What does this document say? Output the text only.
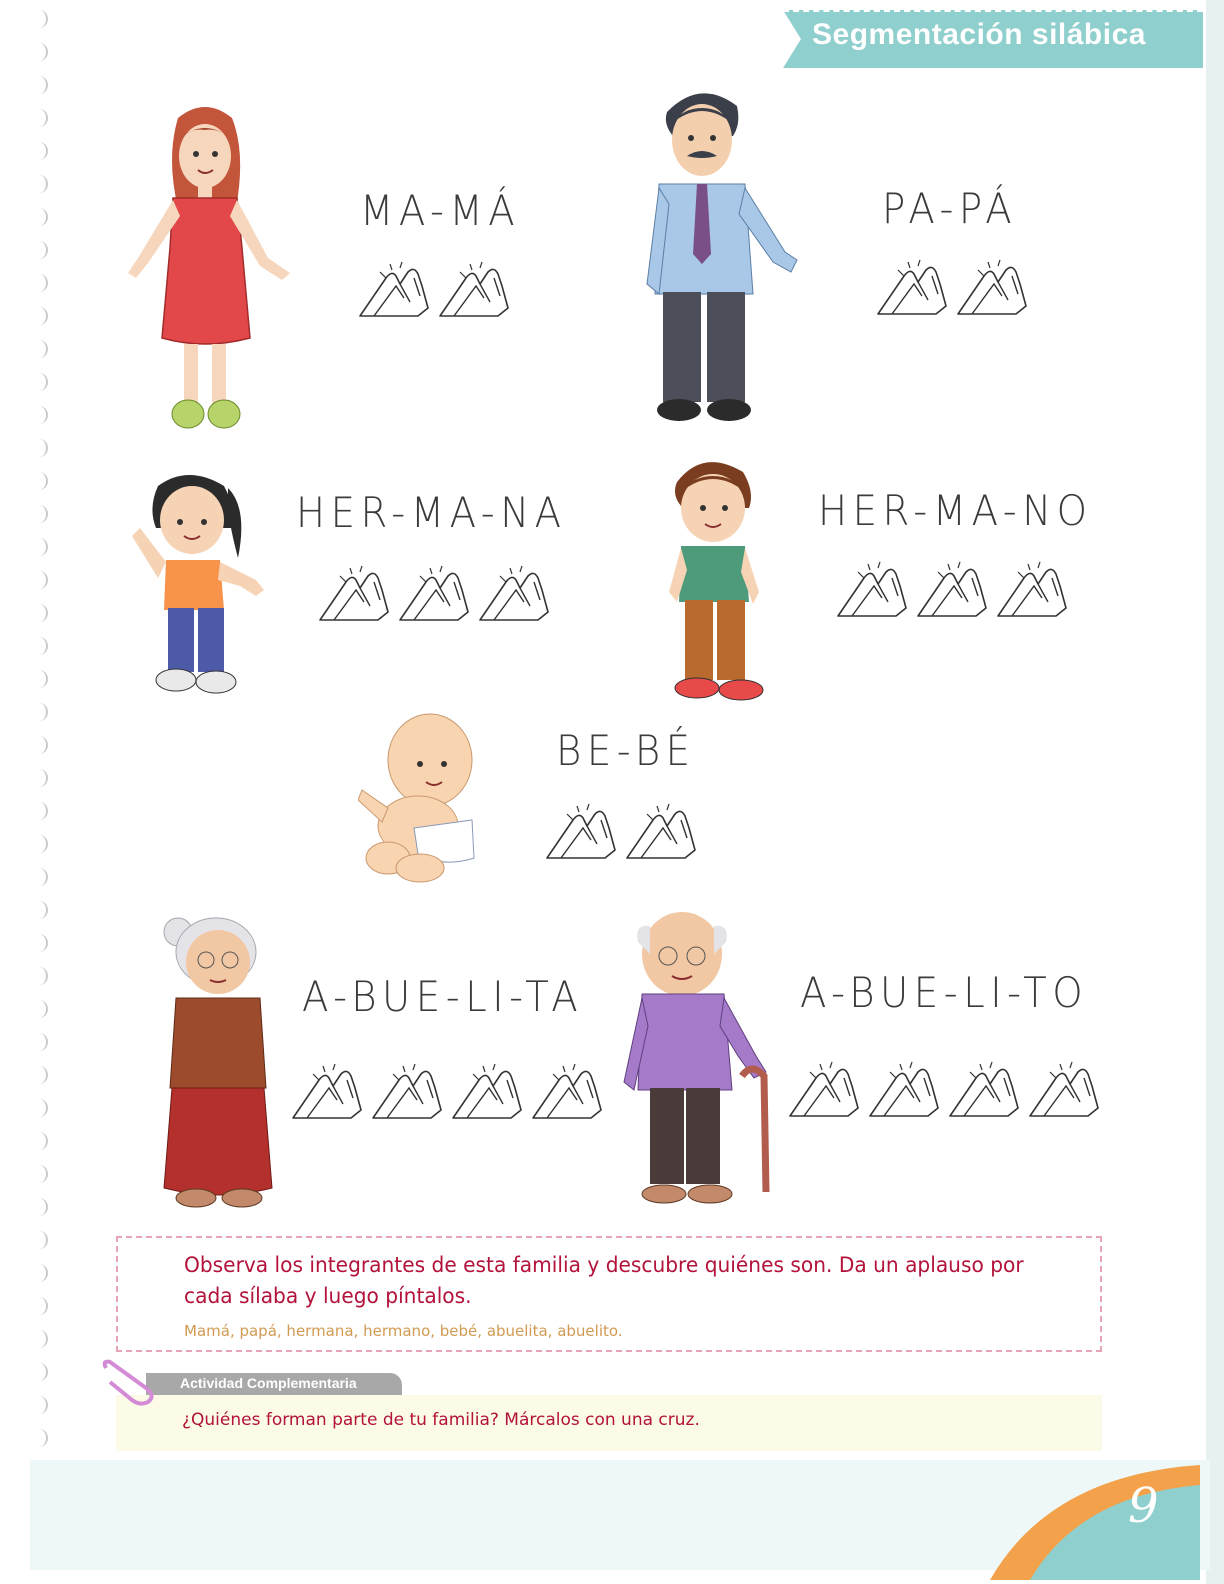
Segmentación silábica
MA-MÁ	PA-PÁ
HER-MA-NA	HER-MA-NO
BE-BÉ
A-BUE-LI-TA	A-BUE-LI-TO
Observa los integrantes de esta familia y descubre quiénes son. Da un aplauso por cada sílaba y luego píntalos.
Mamá, papá, hermana, hermano, bebé, abuelita, abuelito.
Actividad Complementaria
¿Quiénes forman parte de tu familia? Márcalos con una cruz.
9
